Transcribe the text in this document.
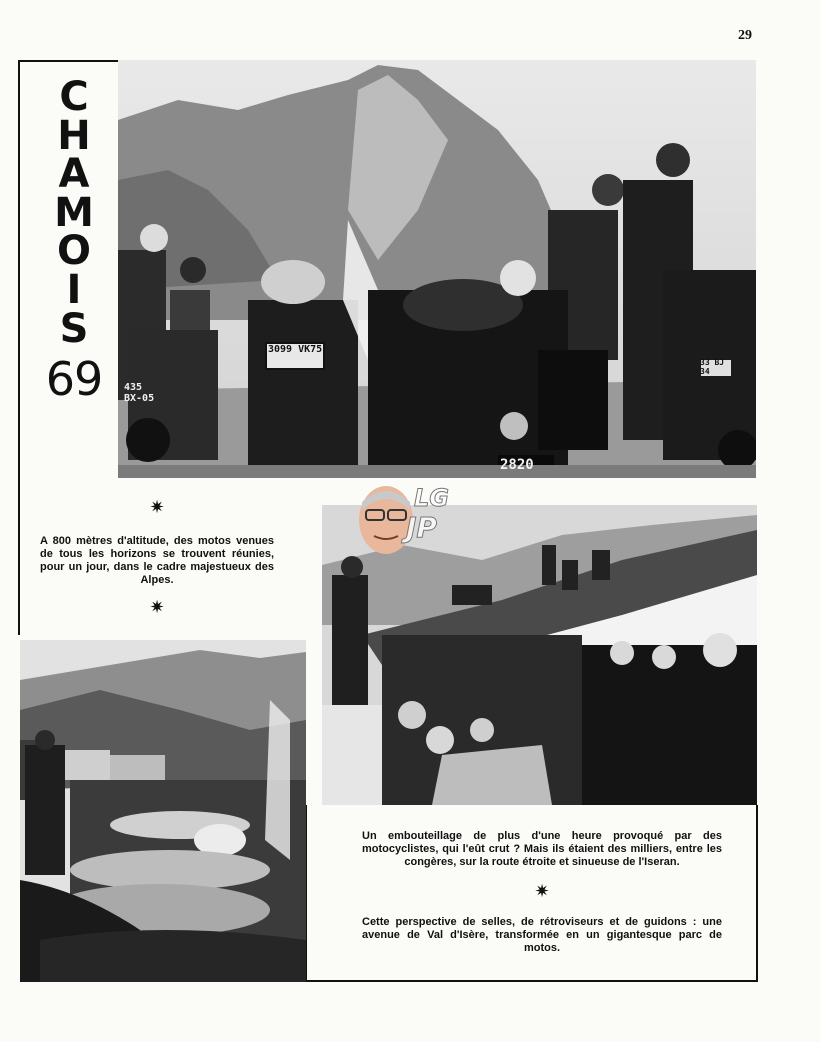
29
C
H
A
M
O
I
S
69 435 BX-05
3099 VK75
2820
33 BJ 34
✷
A 800 mètres d'altitude, des motos venues de tous les horizons se trouvent réunies, pour un jour, dans le cadre majestueux des Alpes.
✷
LG
JP
Un embouteillage de plus d'une heure provoqué par des motocyclistes, qui l'eût crut ? Mais ils étaient des milliers, entre les congères, sur la route étroite et sinueuse de l'Iseran.
✷
Cette perspective de selles, de rétroviseurs et de guidons : une avenue de Val d'Isère, transformée en un gigantesque parc de motos.
